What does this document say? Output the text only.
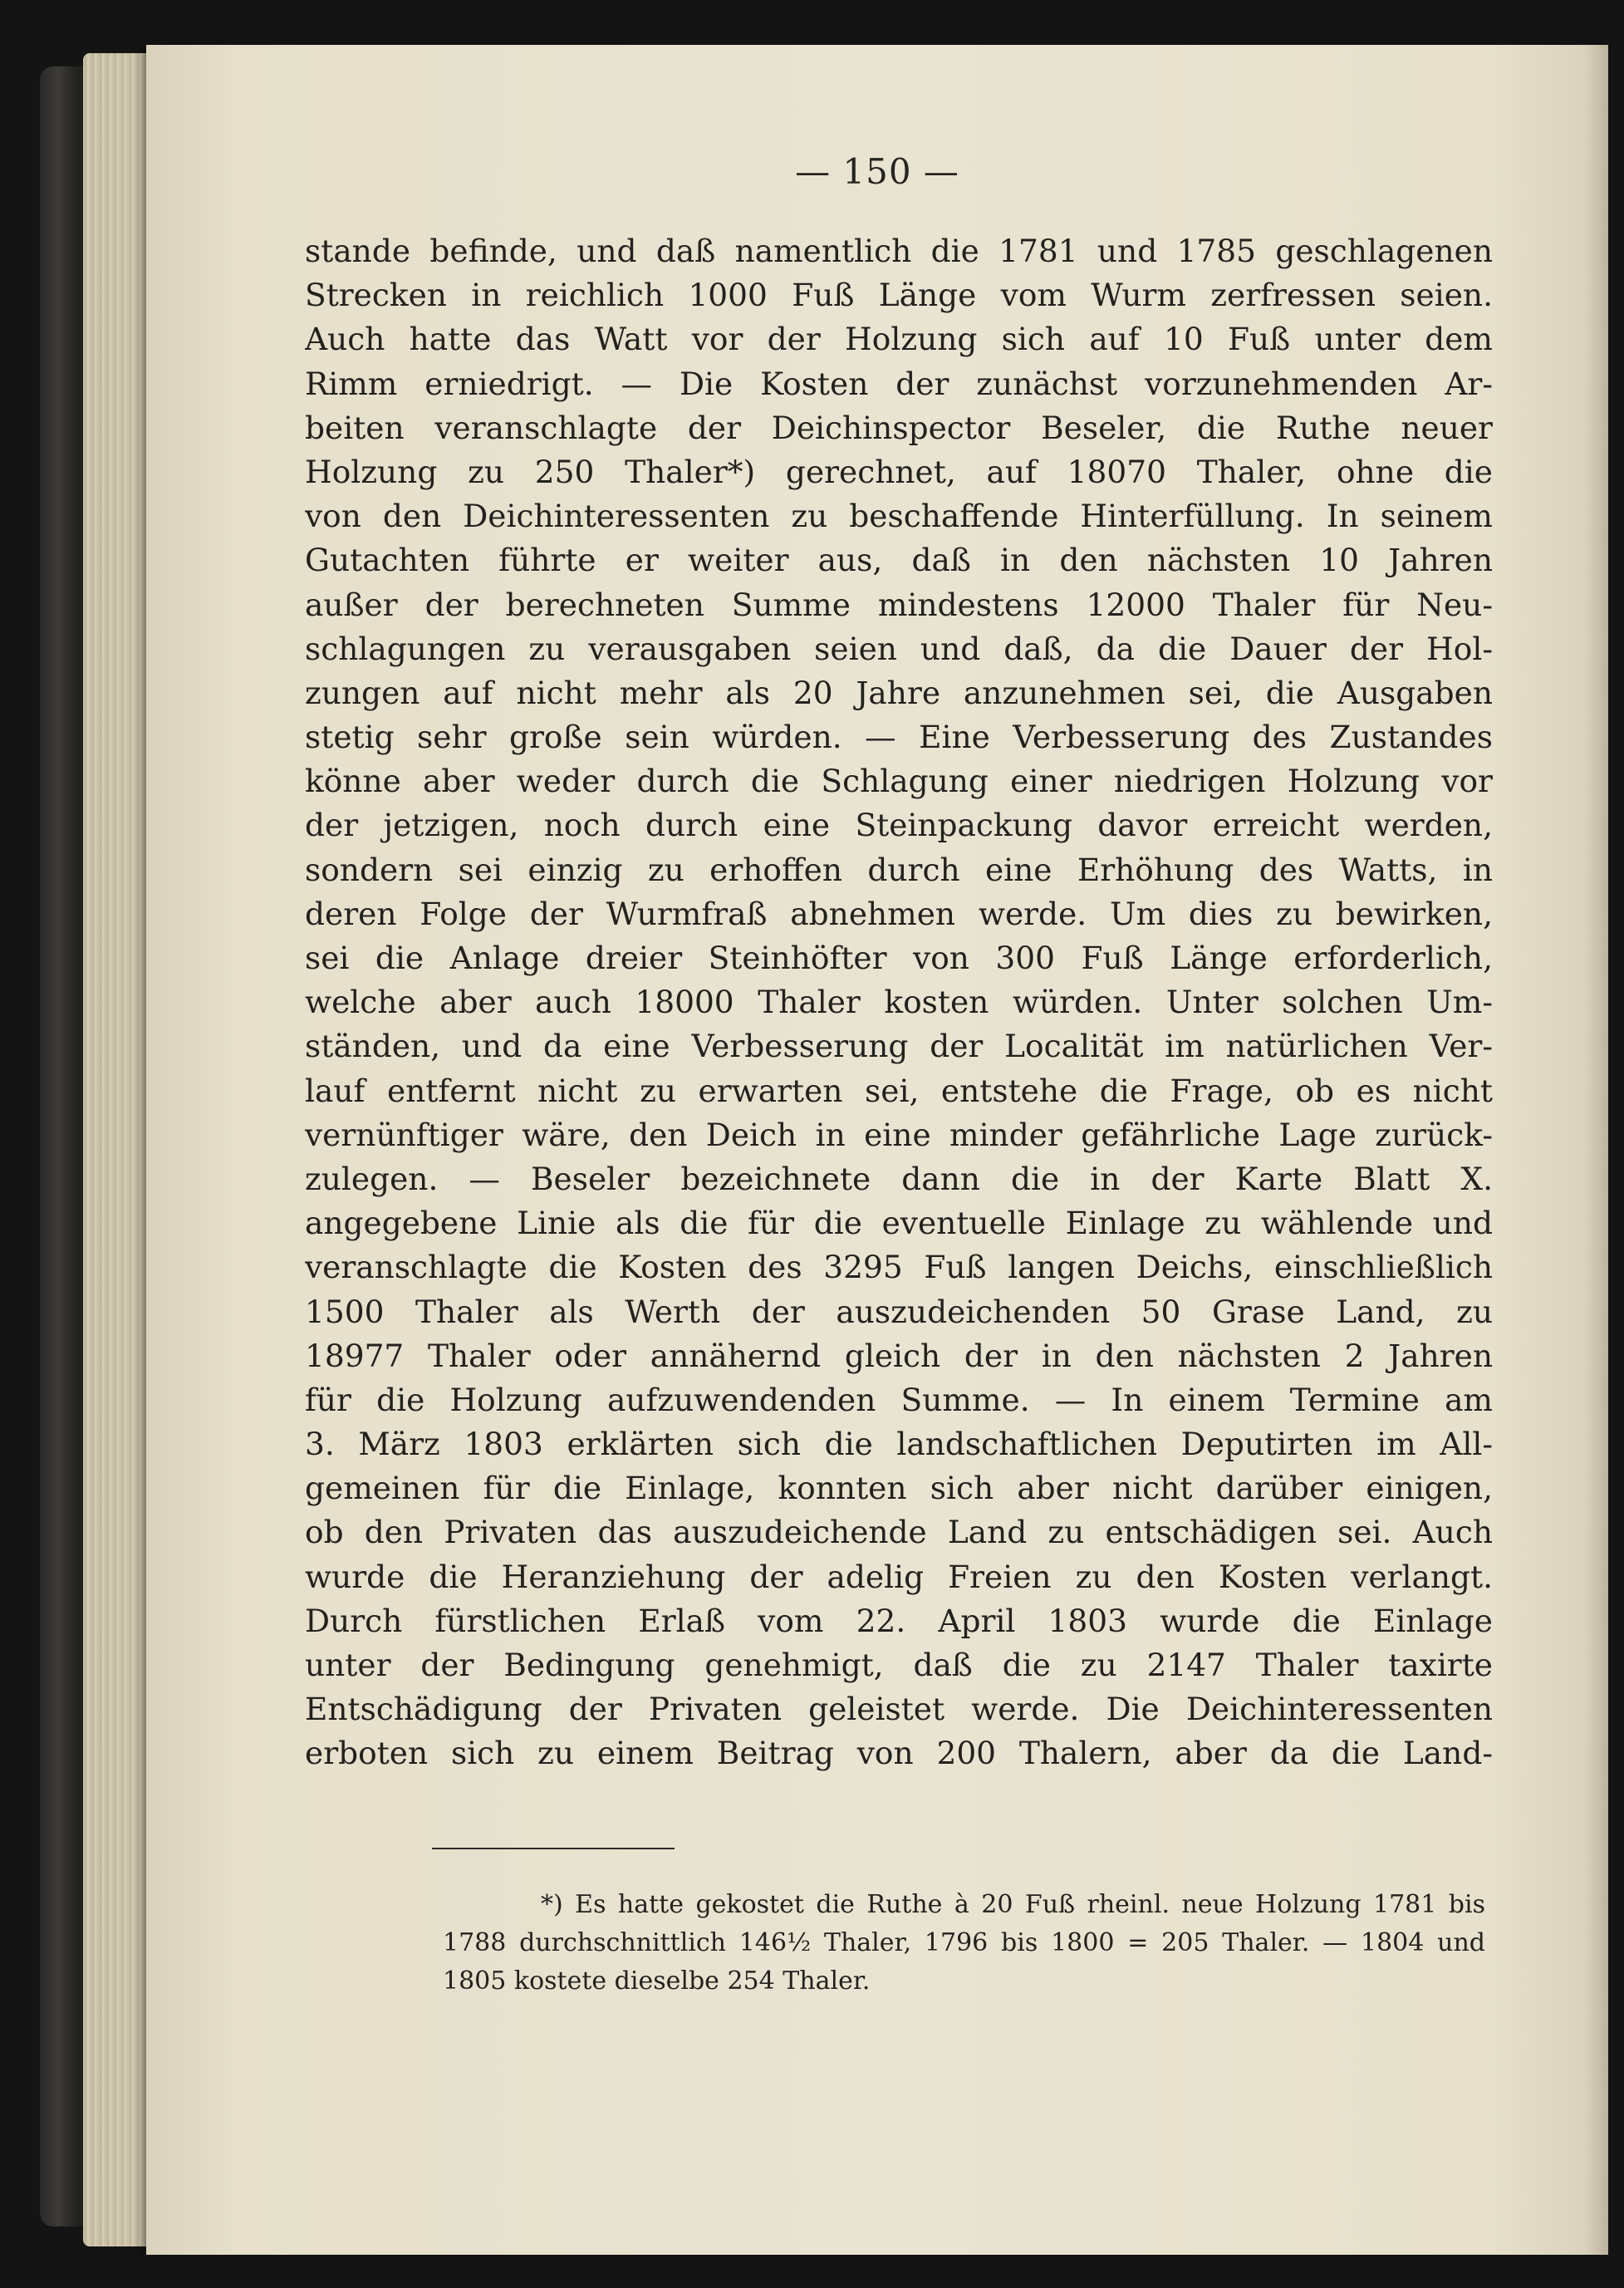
— 150 —
stande befinde, und daß namentlich die 1781 und 1785 geschlagenen
Strecken in reichlich 1000 Fuß Länge vom Wurm zerfressen seien.
Auch hatte das Watt vor der Holzung sich auf 10 Fuß unter dem
Rimm erniedrigt. — Die Kosten der zunächst vorzunehmenden Ar-
beiten veranschlagte der Deichinspector Beseler, die Ruthe neuer
Holzung zu 250 Thaler*) gerechnet, auf 18070 Thaler, ohne die
von den Deichinteressenten zu beschaffende Hinterfüllung. In seinem
Gutachten führte er weiter aus, daß in den nächsten 10 Jahren
außer der berechneten Summe mindestens 12000 Thaler für Neu-
schlagungen zu verausgaben seien und daß, da die Dauer der Hol-
zungen auf nicht mehr als 20 Jahre anzunehmen sei, die Ausgaben
stetig sehr große sein würden. — Eine Verbesserung des Zustandes
könne aber weder durch die Schlagung einer niedrigen Holzung vor
der jetzigen, noch durch eine Steinpackung davor erreicht werden,
sondern sei einzig zu erhoffen durch eine Erhöhung des Watts, in
deren Folge der Wurmfraß abnehmen werde. Um dies zu bewirken,
sei die Anlage dreier Steinhöfter von 300 Fuß Länge erforderlich,
welche aber auch 18000 Thaler kosten würden. Unter solchen Um-
ständen, und da eine Verbesserung der Localität im natürlichen Ver-
lauf entfernt nicht zu erwarten sei, entstehe die Frage, ob es nicht
vernünftiger wäre, den Deich in eine minder gefährliche Lage zurück-
zulegen. — Beseler bezeichnete dann die in der Karte Blatt X.
angegebene Linie als die für die eventuelle Einlage zu wählende und
veranschlagte die Kosten des 3295 Fuß langen Deichs, einschließlich
1500 Thaler als Werth der auszudeichenden 50 Grase Land, zu
18977 Thaler oder annähernd gleich der in den nächsten 2 Jahren
für die Holzung aufzuwendenden Summe. — In einem Termine am
3. März 1803 erklärten sich die landschaftlichen Deputirten im All-
gemeinen für die Einlage, konnten sich aber nicht darüber einigen,
ob den Privaten das auszudeichende Land zu entschädigen sei. Auch
wurde die Heranziehung der adelig Freien zu den Kosten verlangt.
Durch fürstlichen Erlaß vom 22. April 1803 wurde die Einlage
unter der Bedingung genehmigt, daß die zu 2147 Thaler taxirte
Entschädigung der Privaten geleistet werde. Die Deichinteressenten
erboten sich zu einem Beitrag von 200 Thalern, aber da die Land-
*) Es hatte gekostet die Ruthe à 20 Fuß rheinl. neue Holzung 1781 bis
1788 durchschnittlich 146½ Thaler, 1796 bis 1800 = 205 Thaler. — 1804 und
1805 kostete dieselbe 254 Thaler.
